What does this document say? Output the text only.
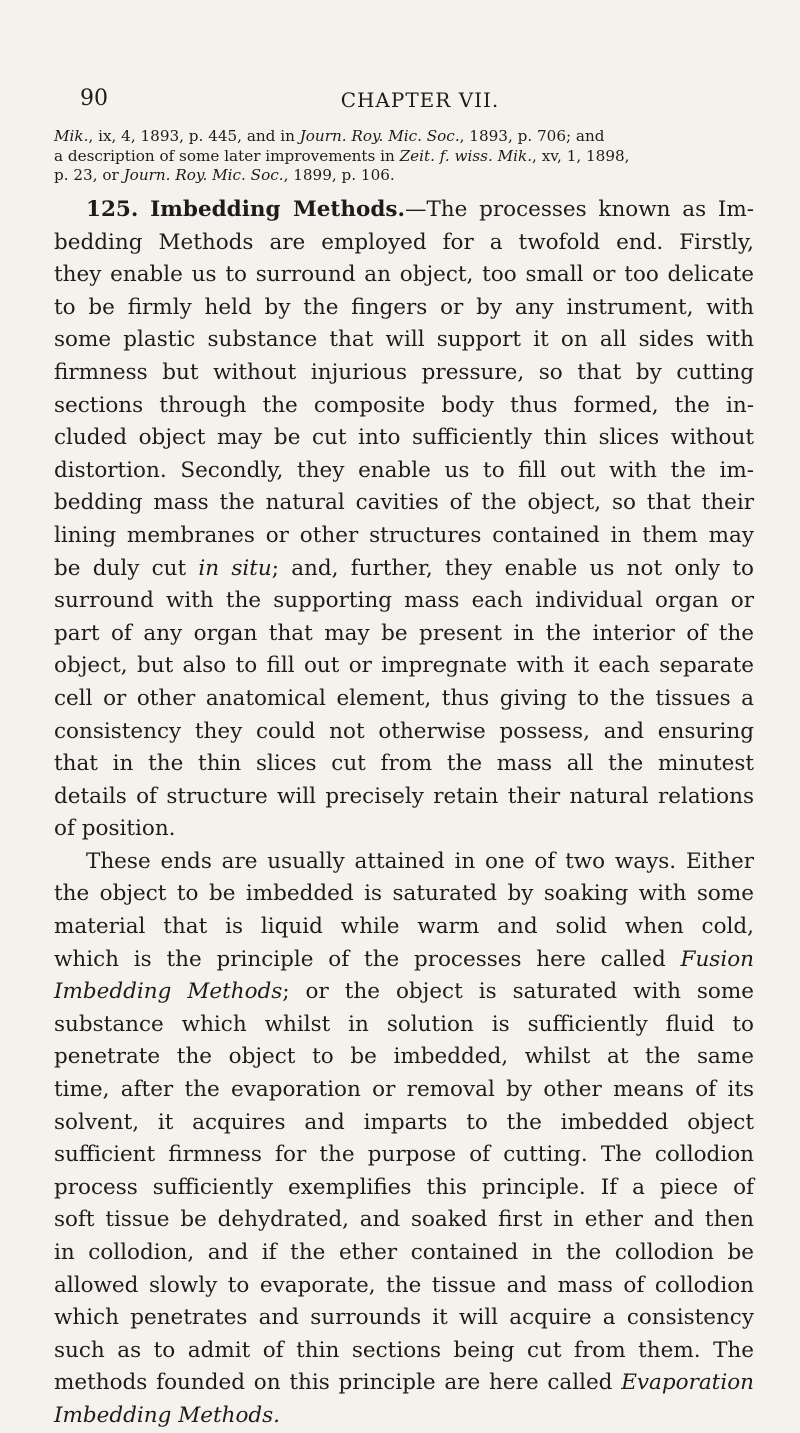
90	CHAPTER VII.
Mik., ix, 4, 1893, p. 445, and in Journ. Roy. Mic. Soc., 1893, p. 706; and
a description of some later improvements in Zeit. f. wiss. Mik., xv, 1, 1898,
p. 23, or Journ. Roy. Mic. Soc., 1899, p. 106.
125. Imbedding Methods.—The processes known as Im-
bedding Methods are employed for a twofold end. Firstly,
they enable us to surround an object, too small or too delicate
to be firmly held by the fingers or by any instrument, with
some plastic substance that will support it on all sides with
firmness but without injurious pressure, so that by cutting
sections through the composite body thus formed, the in-
cluded object may be cut into sufficiently thin slices without
distortion. Secondly, they enable us to fill out with the im-
bedding mass the natural cavities of the object, so that their
lining membranes or other structures contained in them may
be duly cut in situ; and, further, they enable us not only to
surround with the supporting mass each individual organ or
part of any organ that may be present in the interior of the
object, but also to fill out or impregnate with it each separate
cell or other anatomical element, thus giving to the tissues a
consistency they could not otherwise possess, and ensuring
that in the thin slices cut from the mass all the minutest
details of structure will precisely retain their natural relations
of position.
These ends are usually attained in one of two ways. Either
the object to be imbedded is saturated by soaking with some
material that is liquid while warm and solid when cold,
which is the principle of the processes here called Fusion
Imbedding Methods; or the object is saturated with some
substance which whilst in solution is sufficiently fluid to
penetrate the object to be imbedded, whilst at the same
time, after the evaporation or removal by other means of its
solvent, it acquires and imparts to the imbedded object
sufficient firmness for the purpose of cutting. The collodion
process sufficiently exemplifies this principle. If a piece of
soft tissue be dehydrated, and soaked first in ether and then
in collodion, and if the ether contained in the collodion be
allowed slowly to evaporate, the tissue and mass of collodion
which penetrates and surrounds it will acquire a consistency
such as to admit of thin sections being cut from them. The
methods founded on this principle are here called Evaporation
Imbedding Methods.
